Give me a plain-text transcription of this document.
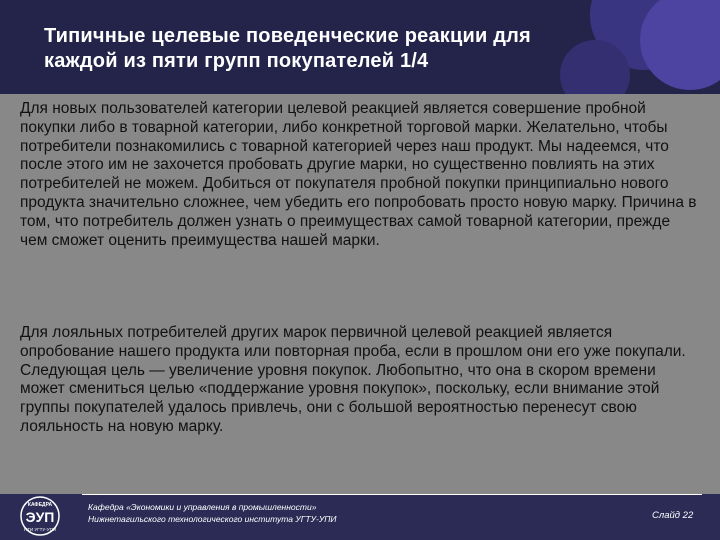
Типичные целевые поведенческие реакции для
каждой из пяти групп покупателей 1/4
Для новых пользователей категории целевой реакцией является совершение пробной покупки либо в товарной категории, либо конкретной торговой марки. Желательно, чтобы потребители познакомились с товарной категорией через наш продукт. Мы надеемся, что после этого им не захочется пробовать другие марки, но существенно повлиять на этих потребителей не можем. Добиться от покупателя пробной покупки принципиально нового продукта значительно сложнее, чем убедить его попробовать просто новую марку. Причина в том, что потребитель должен узнать о преимуществах самой товарной категории, прежде чем сможет оценить преимущества нашей марки.
Для лояльных потребителей других марок первичной целевой реакцией является опробование нашего продукта или повторная проба, если в прошлом они его уже покупали. Следующая цель — увеличение уровня покупок. Любопытно, что она в скором времени может смениться целью «поддержание уровня покупок», поскольку, если внимание этой группы покупателей удалось привлечь, они с большой вероятностью перенесут свою лояльность на новую марку.
КАФЕДРА
ЭУП
НТИ УГТУ-УПИ
Кафедра «Экономики и управления в промышленности»
Нижнетагильского технологического института УГТУ-УПИ	Слайд 22
